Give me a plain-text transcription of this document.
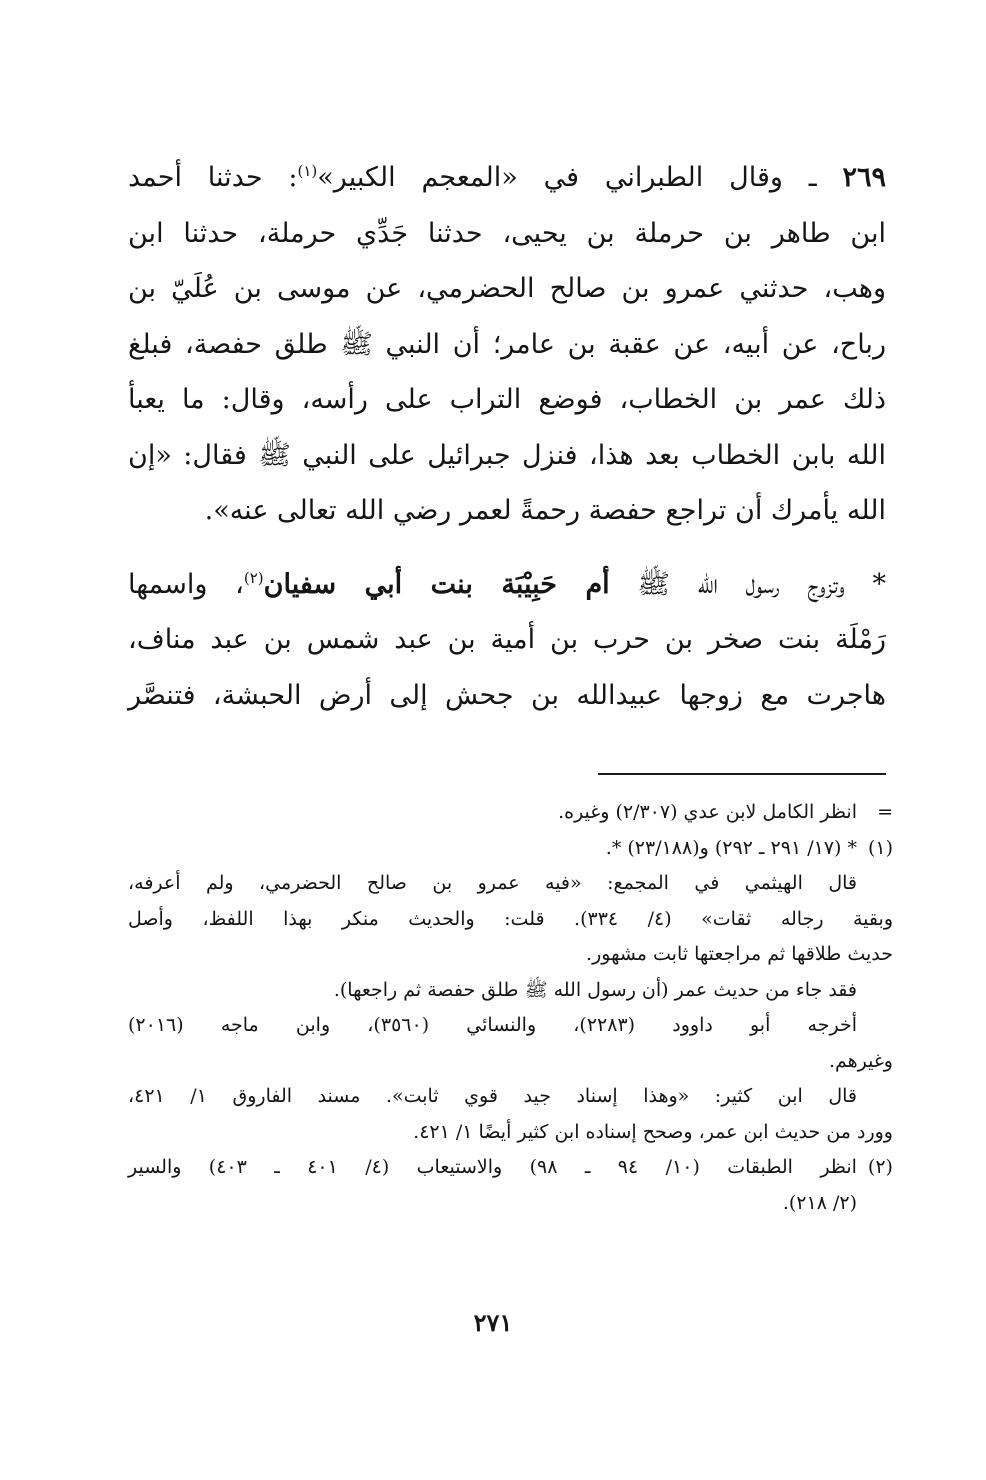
٢٦٩ ـ وقال الطبراني في «المعجم الكبير»$^{(١)}$: حدثنا أحمد
ابن طاهر بن حرملة بن يحيى، حدثنا جَدِّي حرملة، حدثنا ابن
وهب، حدثني عمرو بن صالح الحضرمي، عن موسى بن عُلَيّ بن
رباح، عن أبيه، عن عقبة بن عامر؛ أن النبي ﷺ طلق حفصة، فبلغ
ذلك عمر بن الخطاب، فوضع التراب على رأسه، وقال: ما يعبأ
الله بابن الخطاب بعد هذا، فنزل جبرائيل على النبي ﷺ فقال: «إن
الله يأمرك أن تراجع حفصة رحمةً لعمر رضي الله تعالى عنه».
* وتزوج رسول الله ﷺ أم حَبِيْبَة بنت أبي سفيان$^{(٢)}$، واسمها
رَمْلَة بنت صخر بن حرب بن أمية بن عبد شمس بن عبد مناف،
هاجرت مع زوجها عبيدالله بن جحش إلى أرض الحبشة، فتنصَّر
=انظر الكامل لابن عدي (٢/٣٠٧) وغيره.
(١)* (١٧/ ٢٩١ ـ ٢٩٢) و(٢٣/١٨٨) *.
قال الهيثمي في المجمع: «فيه عمرو بن صالح الحضرمي، ولم أعرفه،
وبقية رجاله ثقات» (٤/ ٣٣٤). قلت: والحديث منكر بهذا اللفظ، وأصل
حديث طلاقها ثم مراجعتها ثابت مشهور.
فقد جاء من حديث عمر (أن رسول الله ﷺ طلق حفصة ثم راجعها).
أخرجه أبو داوود (٢٢٨٣)، والنسائي (٣٥٦٠)، وابن ماجه (٢٠١٦)
وغيرهم.
قال ابن كثير: «وهذا إسناد جيد قوي ثابت». مسند الفاروق ١/ ٤٢١،
وورد من حديث ابن عمر، وصحح إسناده ابن كثير أيضًا ١/ ٤٢١.
(٢)انظر الطبقات (١٠/ ٩٤ ـ ٩٨) والاستيعاب (٤/ ٤٠١ ـ ٤٠٣) والسير
(٢/ ٢١٨).
٢٧١
